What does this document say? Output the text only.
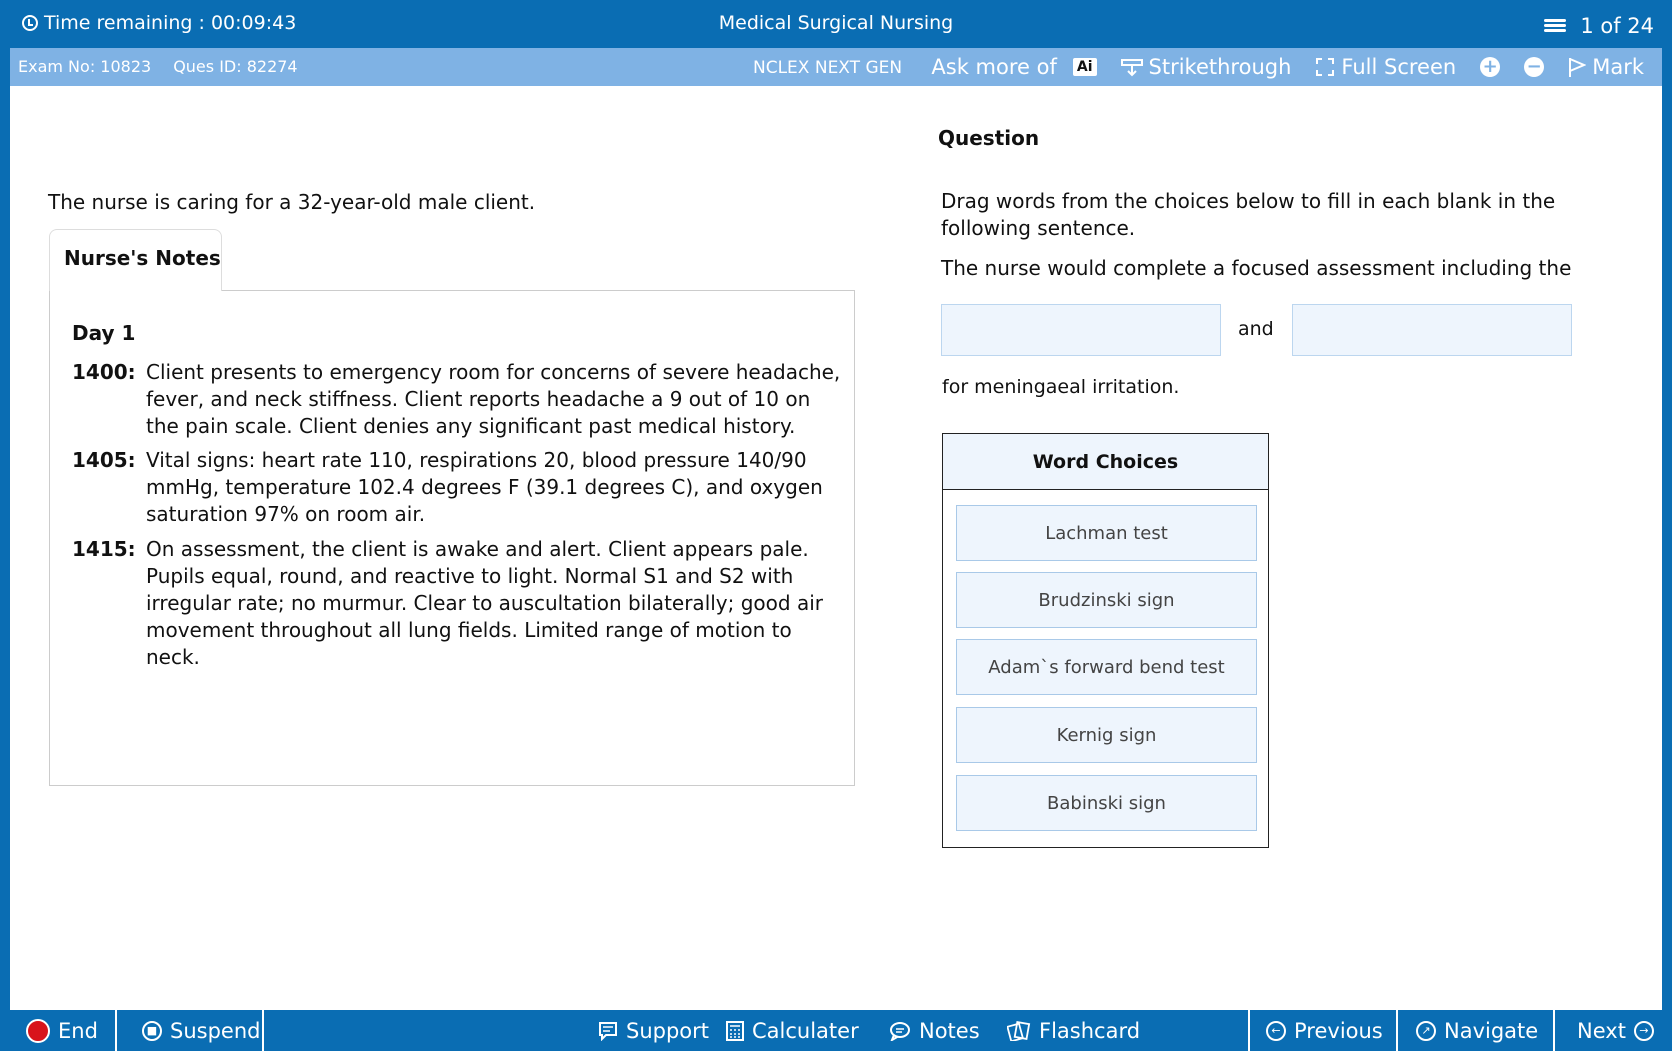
Time remaining : 00:09:43	Medical Surgical Nursing	1 of 24
Exam No: 10823 Ques ID: 82274	NCLEX NEXT GEN Ask more of Ai	Strikethrough Full Screen + − Mark
The nurse is caring for a 32-year-old male client.
Nurse's Notes
Day 1
1400: Client presents to emergency room for concerns of severe headache, fever, and neck stiffness. Client reports headache a 9 out of 10 on the pain scale. Client denies any significant past medical history.
1405: Vital signs: heart rate 110, respirations 20, blood pressure 140/90 mmHg, temperature 102.4 degrees F (39.1 degrees C), and oxygen saturation 97% on room air.
1415: On assessment, the client is awake and alert. Client appears pale. Pupils equal, round, and reactive to light. Normal S1 and S2 with irregular rate; no murmur. Clear to auscultation bilaterally; good air movement throughout all lung fields. Limited range of motion to neck.
Question
Drag words from the choices below to fill in each blank in the following sentence.
The nurse would complete a focused assessment including the
and
for meningaeal irritation.
Word Choices
Lachman test
Brudzinski sign
Adam`s forward bend test
Kernig sign
Babinski sign
End	■ Suspend	Support Calculater	Notes	Flashcard	← Previous	↗ Navigate Next	→
